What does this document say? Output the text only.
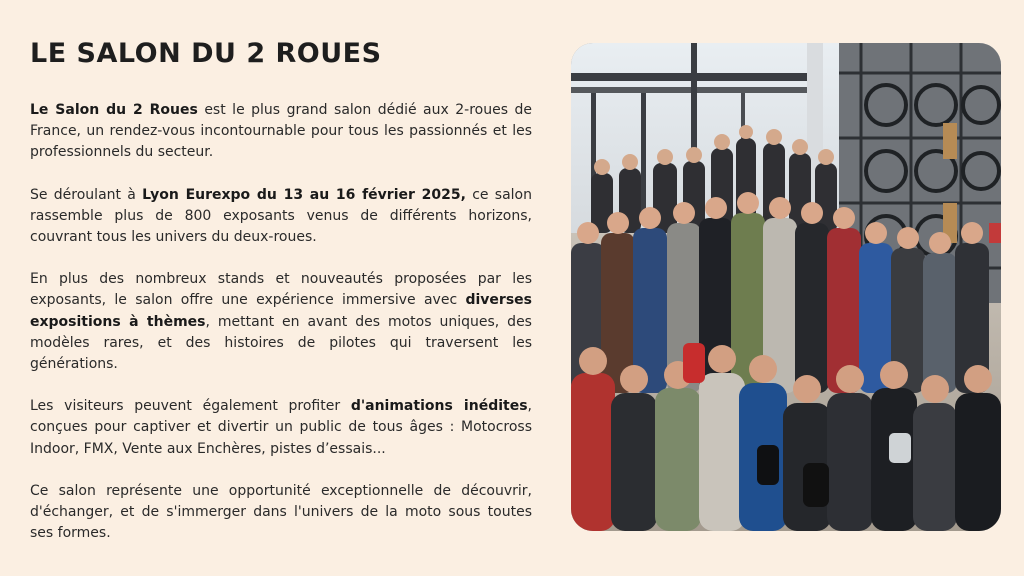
LE SALON DU 2 ROUES

Le Salon du 2 Roues est le plus grand salon dédié aux 2-roues de France, un rendez-vous incontournable pour tous les passionnés et les professionnels du secteur.

Se déroulant à Lyon Eurexpo du 13 au 16 février 2025, ce salon rassemble plus de 800 exposants venus de différents horizons, couvrant tous les univers du deux-roues.

En plus des nombreux stands et nouveautés proposées par les exposants, le salon offre une expérience immersive avec diverses expositions à thèmes, mettant en avant des motos uniques, des modèles rares, et des histoires de pilotes qui traversent les générations.

Les visiteurs peuvent également profiter d'animations inédites, conçues pour captiver et divertir un public de tous âges : Motocross Indoor, FMX, Vente aux Enchères, pistes d’essais...

Ce salon représente une opportunité exceptionnelle de découvrir, d'échanger, et de s'immerger dans l'univers de la moto sous toutes ses formes.
